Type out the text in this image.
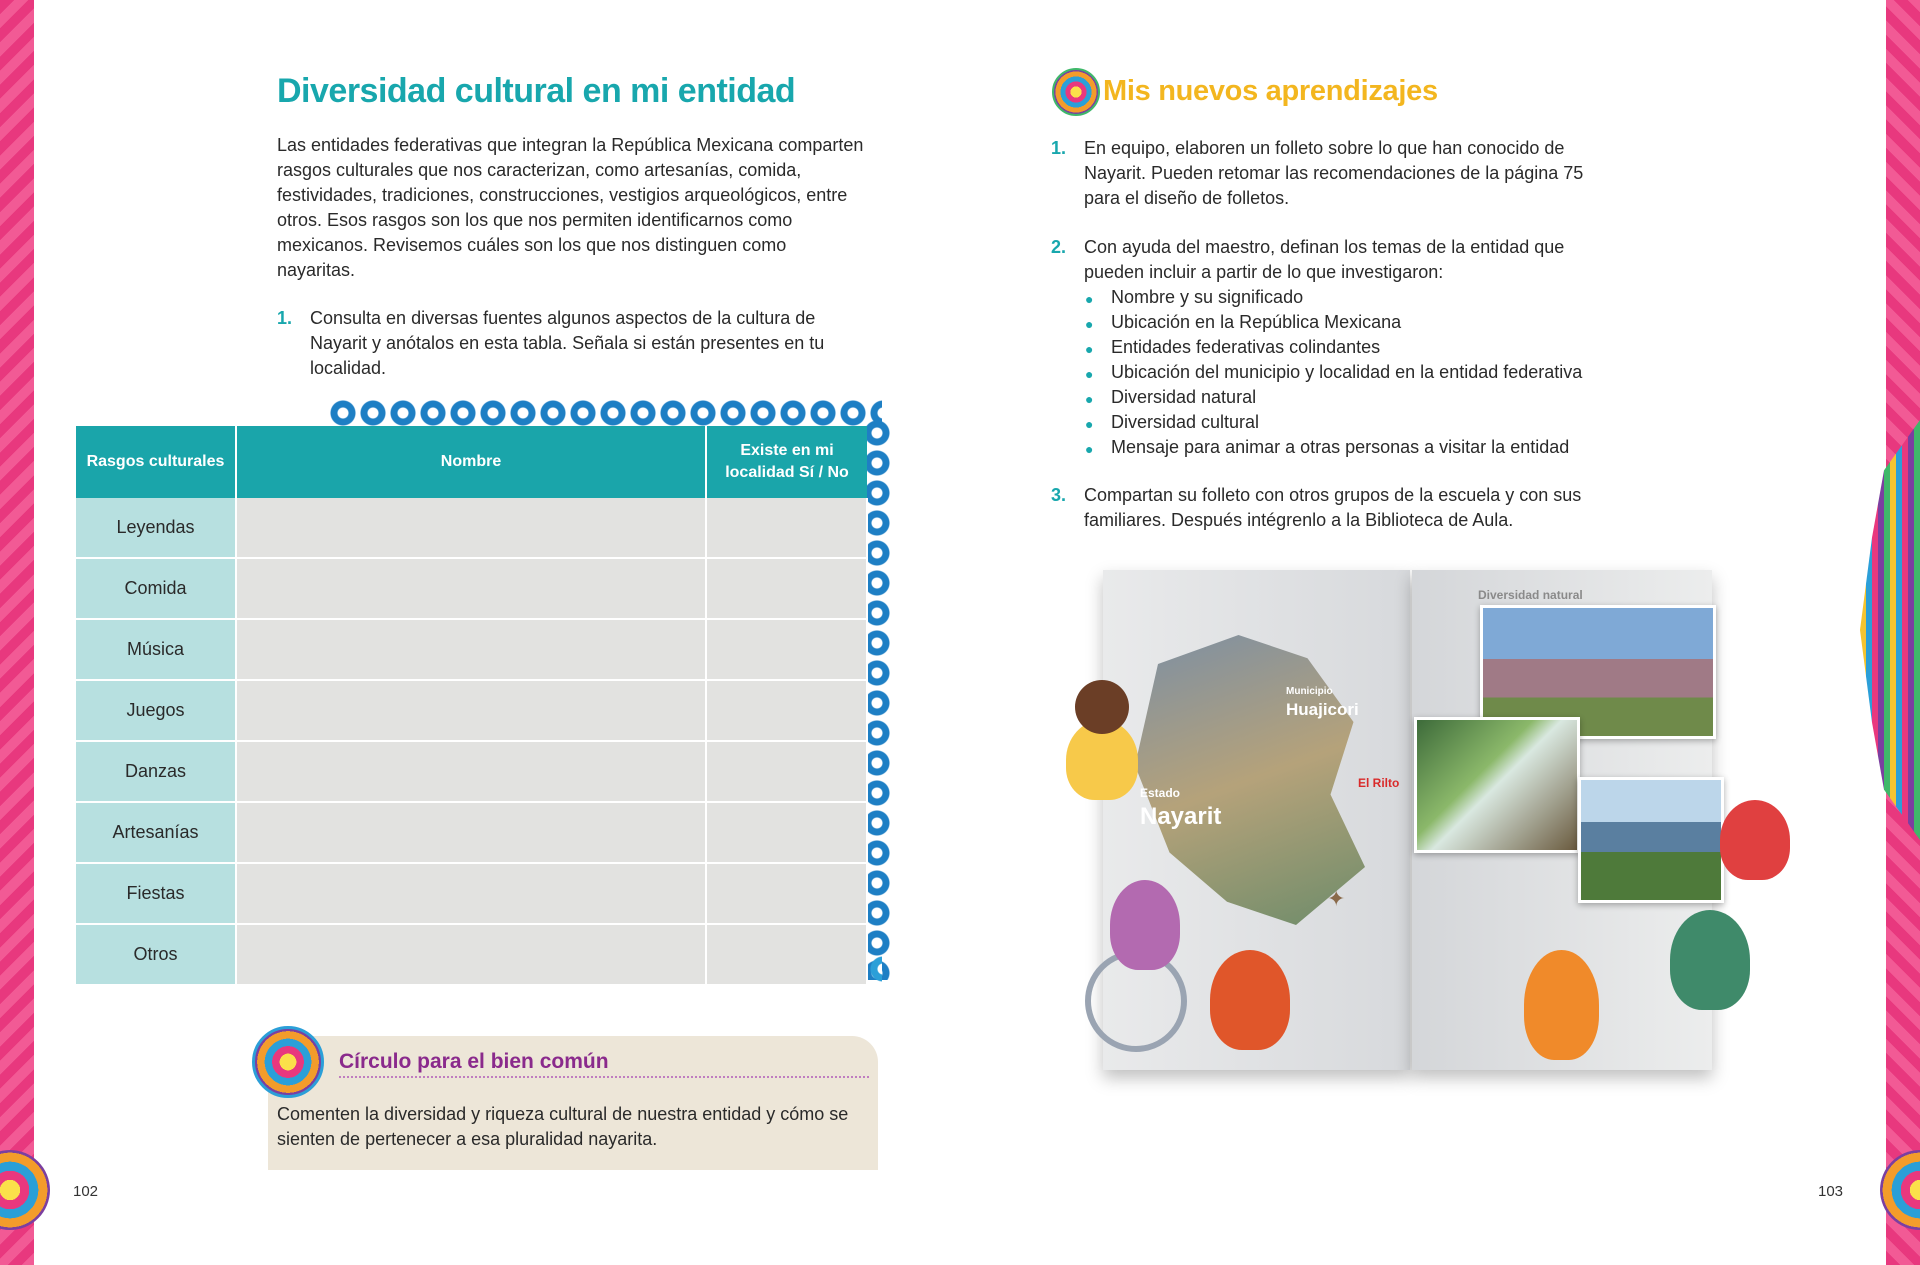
Diversidad cultural en mi entidad
Las entidades federativas que integran la República Mexicana comparten rasgos culturales que nos caracterizan, como artesanías, comida, festividades, tradiciones, construcciones, vestigios arqueológicos, entre otros. Esos rasgos son los que nos permiten identificarnos como mexicanos. Revisemos cuáles son los que nos distinguen como nayaritas.
1. Consulta en diversas fuentes algunos aspectos de la cultura de Nayarit y anótalos en esta tabla. Señala si están presentes en tu localidad.
Rasgos culturales	Nombre	Existe en mi localidad Sí / No
Leyendas		
Comida		
Música		
Juegos		
Danzas		
Artesanías		
Fiestas		
Otros		
Círculo para el bien común
Comenten la diversidad y riqueza cultural de nuestra entidad y cómo se sienten de pertenecer a esa pluralidad nayarita.
102
Mis nuevos aprendizajes
1. En equipo, elaboren un folleto sobre lo que han conocido de Nayarit. Pueden retomar las recomendaciones de la página 75 para el diseño de folletos.
2. Con ayuda del maestro, definan los temas de la entidad que pueden incluir a partir de lo que investigaron:
● Nombre y su significado
● Ubicación en la República Mexicana
● Entidades federativas colindantes
● Ubicación del municipio y localidad en la entidad federativa
● Diversidad natural
● Diversidad cultural
● Mensaje para animar a otras personas a visitar la entidad
3. Compartan su folleto con otros grupos de la escuela y con sus familiares. Después intégrenlo a la Biblioteca de Aula.
Municipio
Huajicori
Estado
Nayarit
El Rilto
✦
Diversidad natural
103
